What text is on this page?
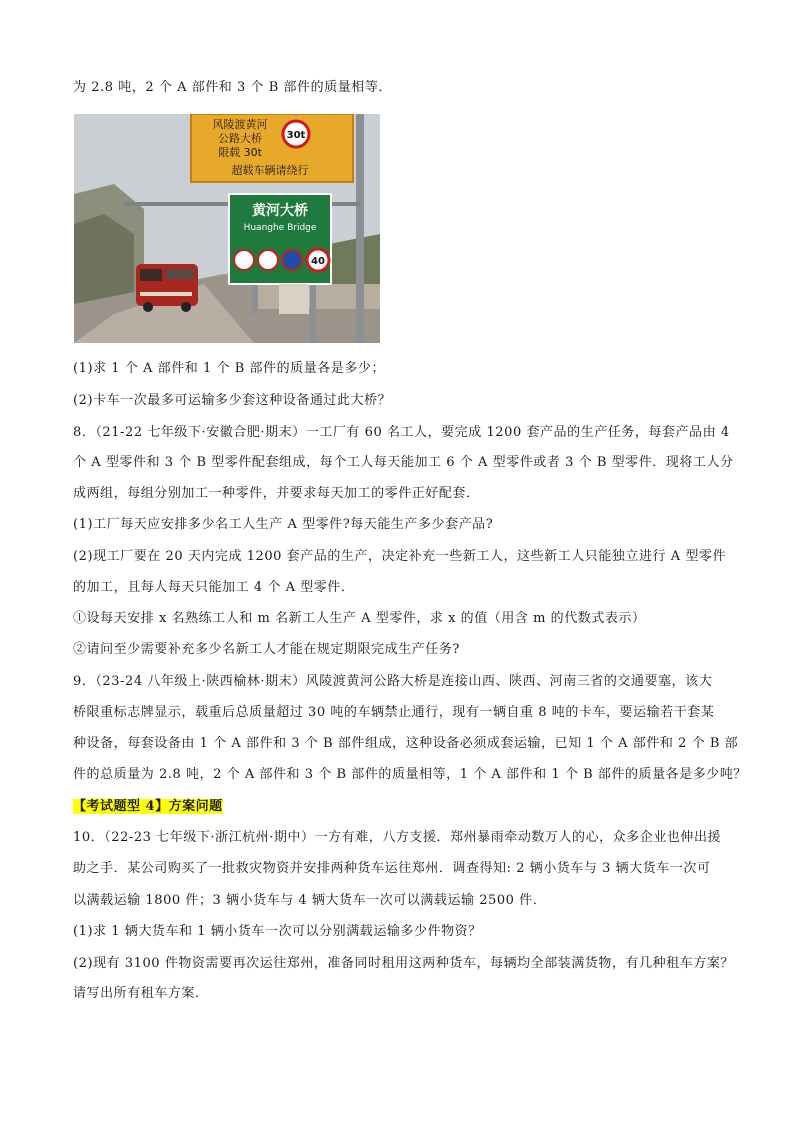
为 2.8 吨，2 个 A 部件和 3 个 B 部件的质量相等．
风陵渡黄河
公路大桥
限载 30t
超载车辆请绕行
30t
黄河大桥
Huanghe Bridge
40
(1)求 1 个 A 部件和 1 个 B 部件的质量各是多少；
(2)卡车一次最多可运输多少套这种设备通过此大桥？
8．（21-22 七年级下·安徽合肥·期末）一工厂有 60 名工人，要完成 1200 套产品的生产任务，每套产品由 4
个 A 型零件和 3 个 B 型零件配套组成，每个工人每天能加工 6 个 A 型零件或者 3 个 B 型零件．现将工人分
成两组，每组分别加工一种零件，并要求每天加工的零件正好配套．
(1)工厂每天应安排多少名工人生产 A 型零件?每天能生产多少套产品?
(2)现工厂要在 20 天内完成 1200 套产品的生产，决定补充一些新工人，这些新工人只能独立进行 A 型零件
的加工，且每人每天只能加工 4 个 A 型零件．
①设每天安排 x 名熟练工人和 m 名新工人生产 A 型零件，求 x 的值（用含 m 的代数式表示）
②请问至少需要补充多少名新工人才能在规定期限完成生产任务?
9．（23-24 八年级上·陕西榆林·期末）风陵渡黄河公路大桥是连接山西、陕西、河南三省的交通要塞，该大
桥限重标志牌显示，载重后总质量超过 30 吨的车辆禁止通行，现有一辆自重 8 吨的卡车，要运输若干套某
种设备，每套设备由 1 个 A 部件和 3 个 B 部件组成，这种设备必须成套运输，已知 1 个 A 部件和 2 个 B 部
件的总质量为 2.8 吨，2 个 A 部件和 3 个 B 部件的质量相等，1 个 A 部件和 1 个 B 部件的质量各是多少吨？
【考试题型 4】方案问题
10．（22-23 七年级下·浙江杭州·期中）一方有难，八方支援．郑州暴雨牵动数万人的心，众多企业也伸出援
助之手．某公司购买了一批救灾物资并安排两种货车运往郑州．调查得知: 2 辆小货车与 3 辆大货车一次可
以满载运输 1800 件；3 辆小货车与 4 辆大货车一次可以满载运输 2500 件．
(1)求 1 辆大货车和 1 辆小货车一次可以分别满载运输多少件物资？
(2)现有 3100 件物资需要再次运往郑州，准备同时租用这两种货车，每辆均全部装满货物，有几种租车方案？
请写出所有租车方案．
